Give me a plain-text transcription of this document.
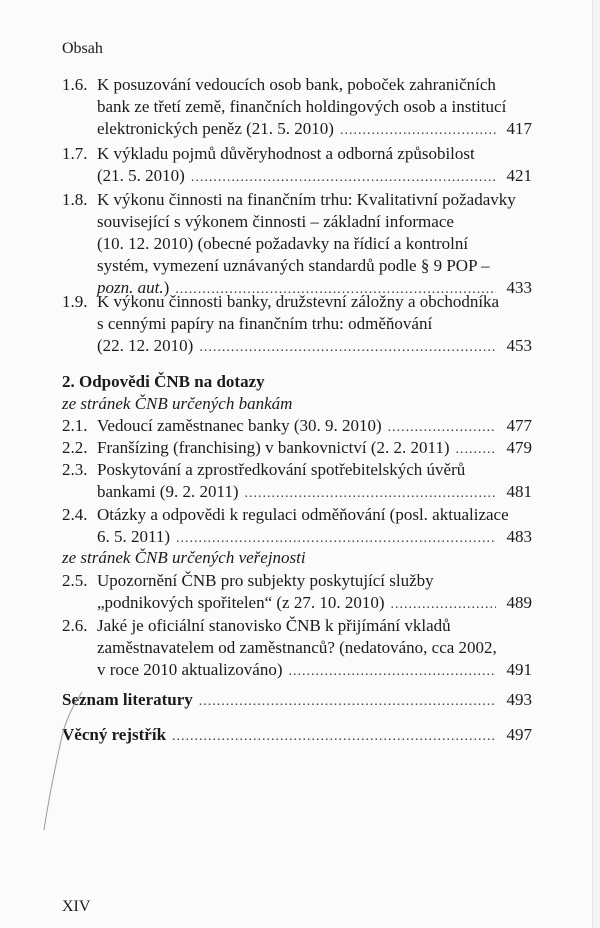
Obsah
1.6. K posuzování vedoucích osob bank, poboček zahraničních
bank ze třetí země, finančních holdingových osob a institucí
elektronických peněz (21. 5. 2010) .....	417
1.7. K výkladu pojmů důvěryhodnost a odborná způsobilost
(21. 5. 2010) .....	421
1.8. K výkonu činnosti na finančním trhu: Kvalitativní požadavky
související s výkonem činnosti – základní informace
(10. 12. 2010) (obecné požadavky na řídicí a kontrolní
systém, vymezení uznávaných standardů podle § 9 POP –
pozn. aut.) .....	433
1.9. K výkonu činnosti banky, družstevní záložny a obchodníka
s cennými papíry na finančním trhu: odměňování
(22. 12. 2010) .....	453
2. Odpovědi ČNB na dotazy
ze stránek ČNB určených bankám
2.1. Vedoucí zaměstnanec banky (30. 9. 2010) .....	477
2.2. Franšízing (franchising) v bankovnictví (2. 2. 2011) .....	479
2.3. Poskytování a zprostředkování spotřebitelských úvěrů
bankami (9. 2. 2011) .....	481
2.4. Otázky a odpovědi k regulaci odměňování (posl. aktualizace
6. 5. 2011) .....	483
ze stránek ČNB určených veřejnosti
2.5. Upozornění ČNB pro subjekty poskytující služby
„podnikových spořitelen“ (z 27. 10. 2010) .....	489
2.6. Jaké je oficiální stanovisko ČNB k přijímání vkladů
zaměstnavatelem od zaměstnanců? (nedatováno, cca 2002,
v roce 2010 aktualizováno) .....	491
Seznam literatury .....	493
Věcný rejstřík .....	497
XIV
